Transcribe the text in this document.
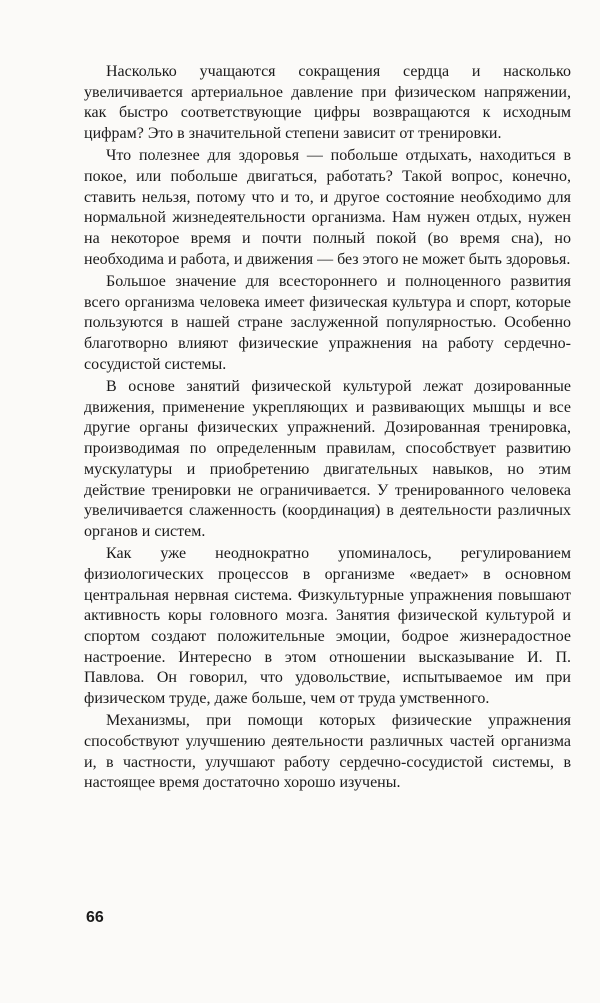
Насколько учащаются сокращения сердца и насколько увеличивается артериальное давление при физическом напряжении, как быстро соответствующие цифры возвращаются к исходным цифрам? Это в значительной степени зависит от тренировки.

Что полезнее для здоровья — побольше отдыхать, находиться в покое, или побольше двигаться, работать? Такой вопрос, конечно, ставить нельзя, потому что и то, и другое состояние необходимо для нормальной жизнедеятельности организма. Нам нужен отдых, нужен на некоторое время и почти полный покой (во время сна), но необходима и работа, и движения — без этого не может быть здоровья.

Большое значение для всестороннего и полноценного развития всего организма человека имеет физическая культура и спорт, которые пользуются в нашей стране заслуженной популярностью. Особенно благотворно влияют физические упражнения на работу сердечно-сосудистой системы.

В основе занятий физической культурой лежат дозированные движения, применение укрепляющих и развивающих мышцы и все другие органы физических упражнений. Дозированная тренировка, производимая по определенным правилам, способствует развитию мускулатуры и приобретению двигательных навыков, но этим действие тренировки не ограничивается. У тренированного человека увеличивается слаженность (координация) в деятельности различных органов и систем.

Как уже неоднократно упоминалось, регулированием физиологических процессов в организме «ведает» в основном центральная нервная система. Физкультурные упражнения повышают активность коры головного мозга. Занятия физической культурой и спортом создают положительные эмоции, бодрое жизнерадостное настроение. Интересно в этом отношении высказывание И. П. Павлова. Он говорил, что удовольствие, испытываемое им при физическом труде, даже больше, чем от труда умственного.

Механизмы, при помощи которых физические упражнения способствуют улучшению деятельности различных частей организма и, в частности, улучшают работу сердечно-сосудистой системы, в настоящее время достаточно хорошо изучены.

66
